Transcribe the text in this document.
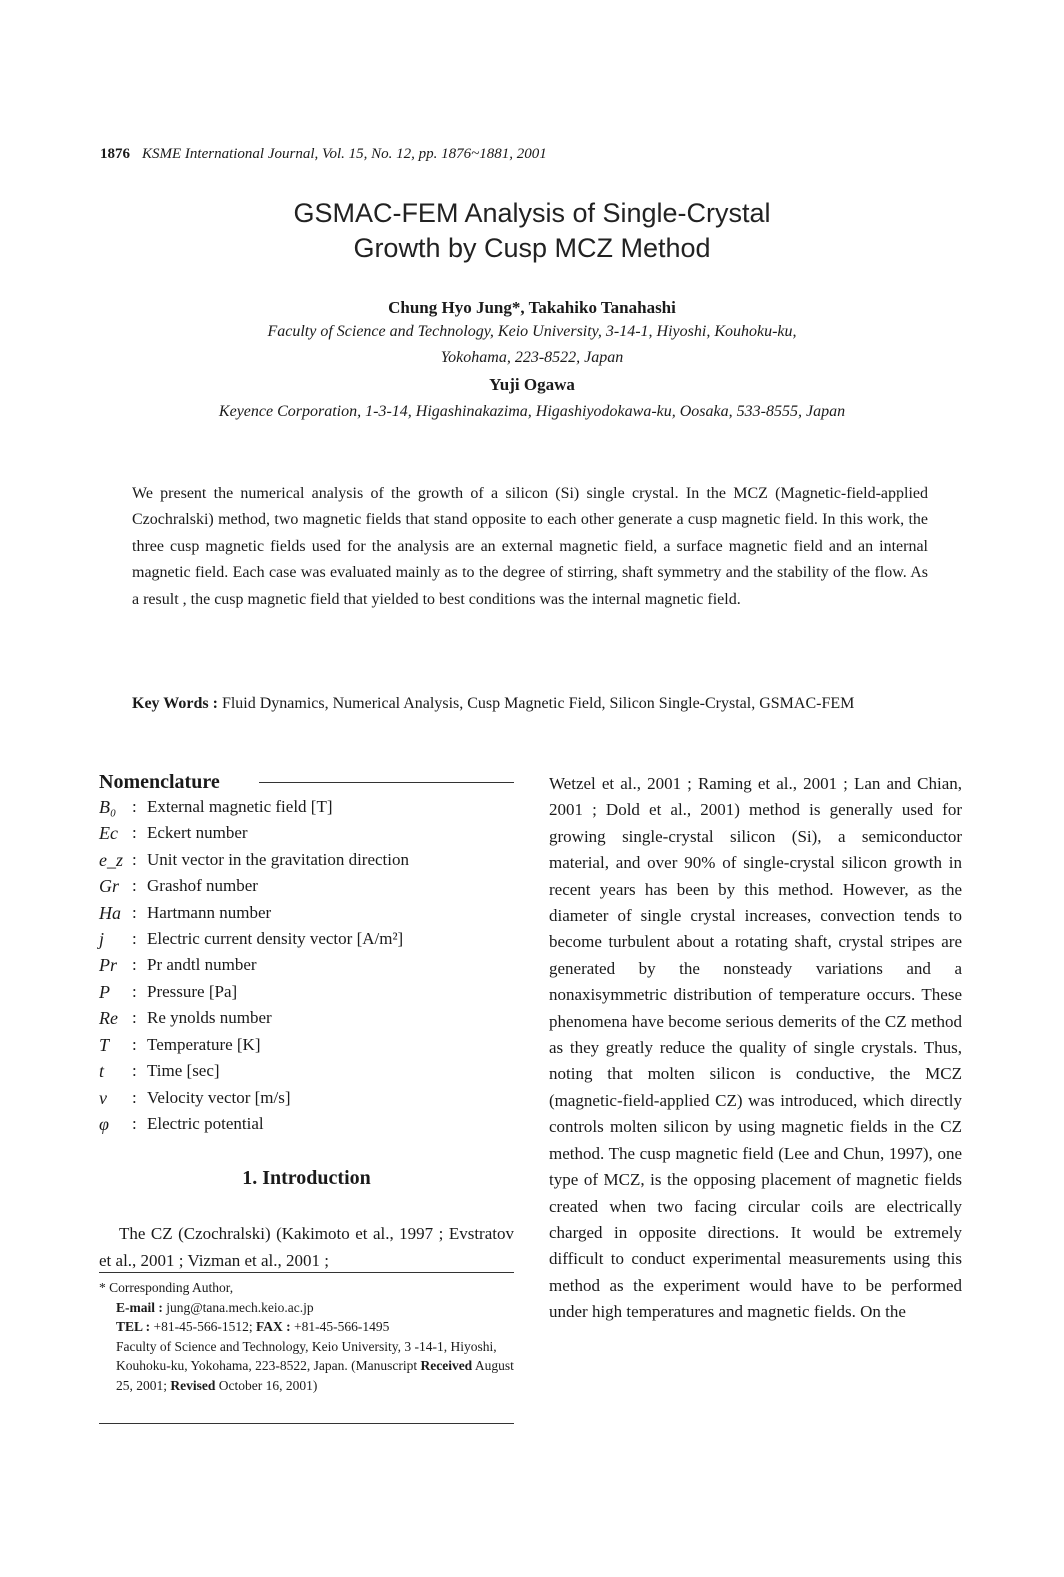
1876 KSME International Journal, Vol. 15, No. 12, pp. 1876~1881, 2001
GSMAC-FEM Analysis of Single-Crystal
Growth by Cusp MCZ Method
Chung Hyo Jung*, Takahiko Tanahashi
Faculty of Science and Technology, Keio University, 3-14-1, Hiyoshi, Kouhoku-ku,
Yokohama, 223-8522, Japan
Yuji Ogawa
Keyence Corporation, 1-3-14, Higashinakazima, Higashiyodokawa-ku, Oosaka, 533-8555, Japan
We present the numerical analysis of the growth of a silicon (Si) single crystal. In the MCZ (Magnetic-field-applied Czochralski) method, two magnetic fields that stand opposite to each other generate a cusp magnetic field. In this work, the three cusp magnetic fields used for the analysis are an external magnetic field, a surface magnetic field and an internal magnetic field. Each case was evaluated mainly as to the degree of stirring, shaft symmetry and the stability of the flow. As a result , the cusp magnetic field that yielded to best conditions was the internal magnetic field.
Key Words : Fluid Dynamics, Numerical Analysis, Cusp Magnetic Field, Silicon Single-Crystal, GSMAC-FEM
Nomenclature
B₀ : External magnetic field [T]
Ec : Eckert number
e_z : Unit vector in the gravitation direction
Gr : Grashof number
Ha : Hartmann number
j	: Electric current density vector [A/m²]
Pr : Pr andtl number
P	: Pressure [Pa]
Re : Re ynolds number
T	: Temperature [K]
t	: Time [sec]
v	: Velocity vector [m/s]
φ	: Electric potential
1. Introduction

The CZ (Czochralski) (Kakimoto et al., 1997 ; Evstratov et al., 2001 ; Vizman et al., 2001 ;

* Corresponding Author,
E-mail : jung@tana.mech.keio.ac.jp
TEL : +81-45-566-1512; FAX : +81-45-566-1495
Faculty of Science and Technology, Keio University, 3 -14-1, Hiyoshi, Kouhoku-ku, Yokohama, 223-8522, Japan. (Manuscript Received August 25, 2001; Revised October 16, 2001)
Wetzel et al., 2001 ; Raming et al., 2001 ; Lan and Chian, 2001 ; Dold et al., 2001) method is generally used for growing single-crystal silicon (Si), a semiconductor material, and over 90% of single-crystal silicon growth in recent years has been by this method. However, as the diameter of single crystal increases, convection tends to become turbulent about a rotating shaft, crystal stripes are generated by the nonsteady variations and a nonaxisymmetric distribution of temperature occurs. These phenomena have become serious demerits of the CZ method as they greatly reduce the quality of single crystals. Thus, noting that molten silicon is conductive, the MCZ (magnetic-field-applied CZ) was introduced, which directly controls molten silicon by using magnetic fields in the CZ method. The cusp magnetic field (Lee and Chun, 1997), one type of MCZ, is the opposing placement of magnetic fields created when two facing circular coils are electrically charged in opposite directions. It would be extremely difficult to conduct experimental measurements using this method as the experiment would have to be performed under high temperatures and magnetic fields. On the
